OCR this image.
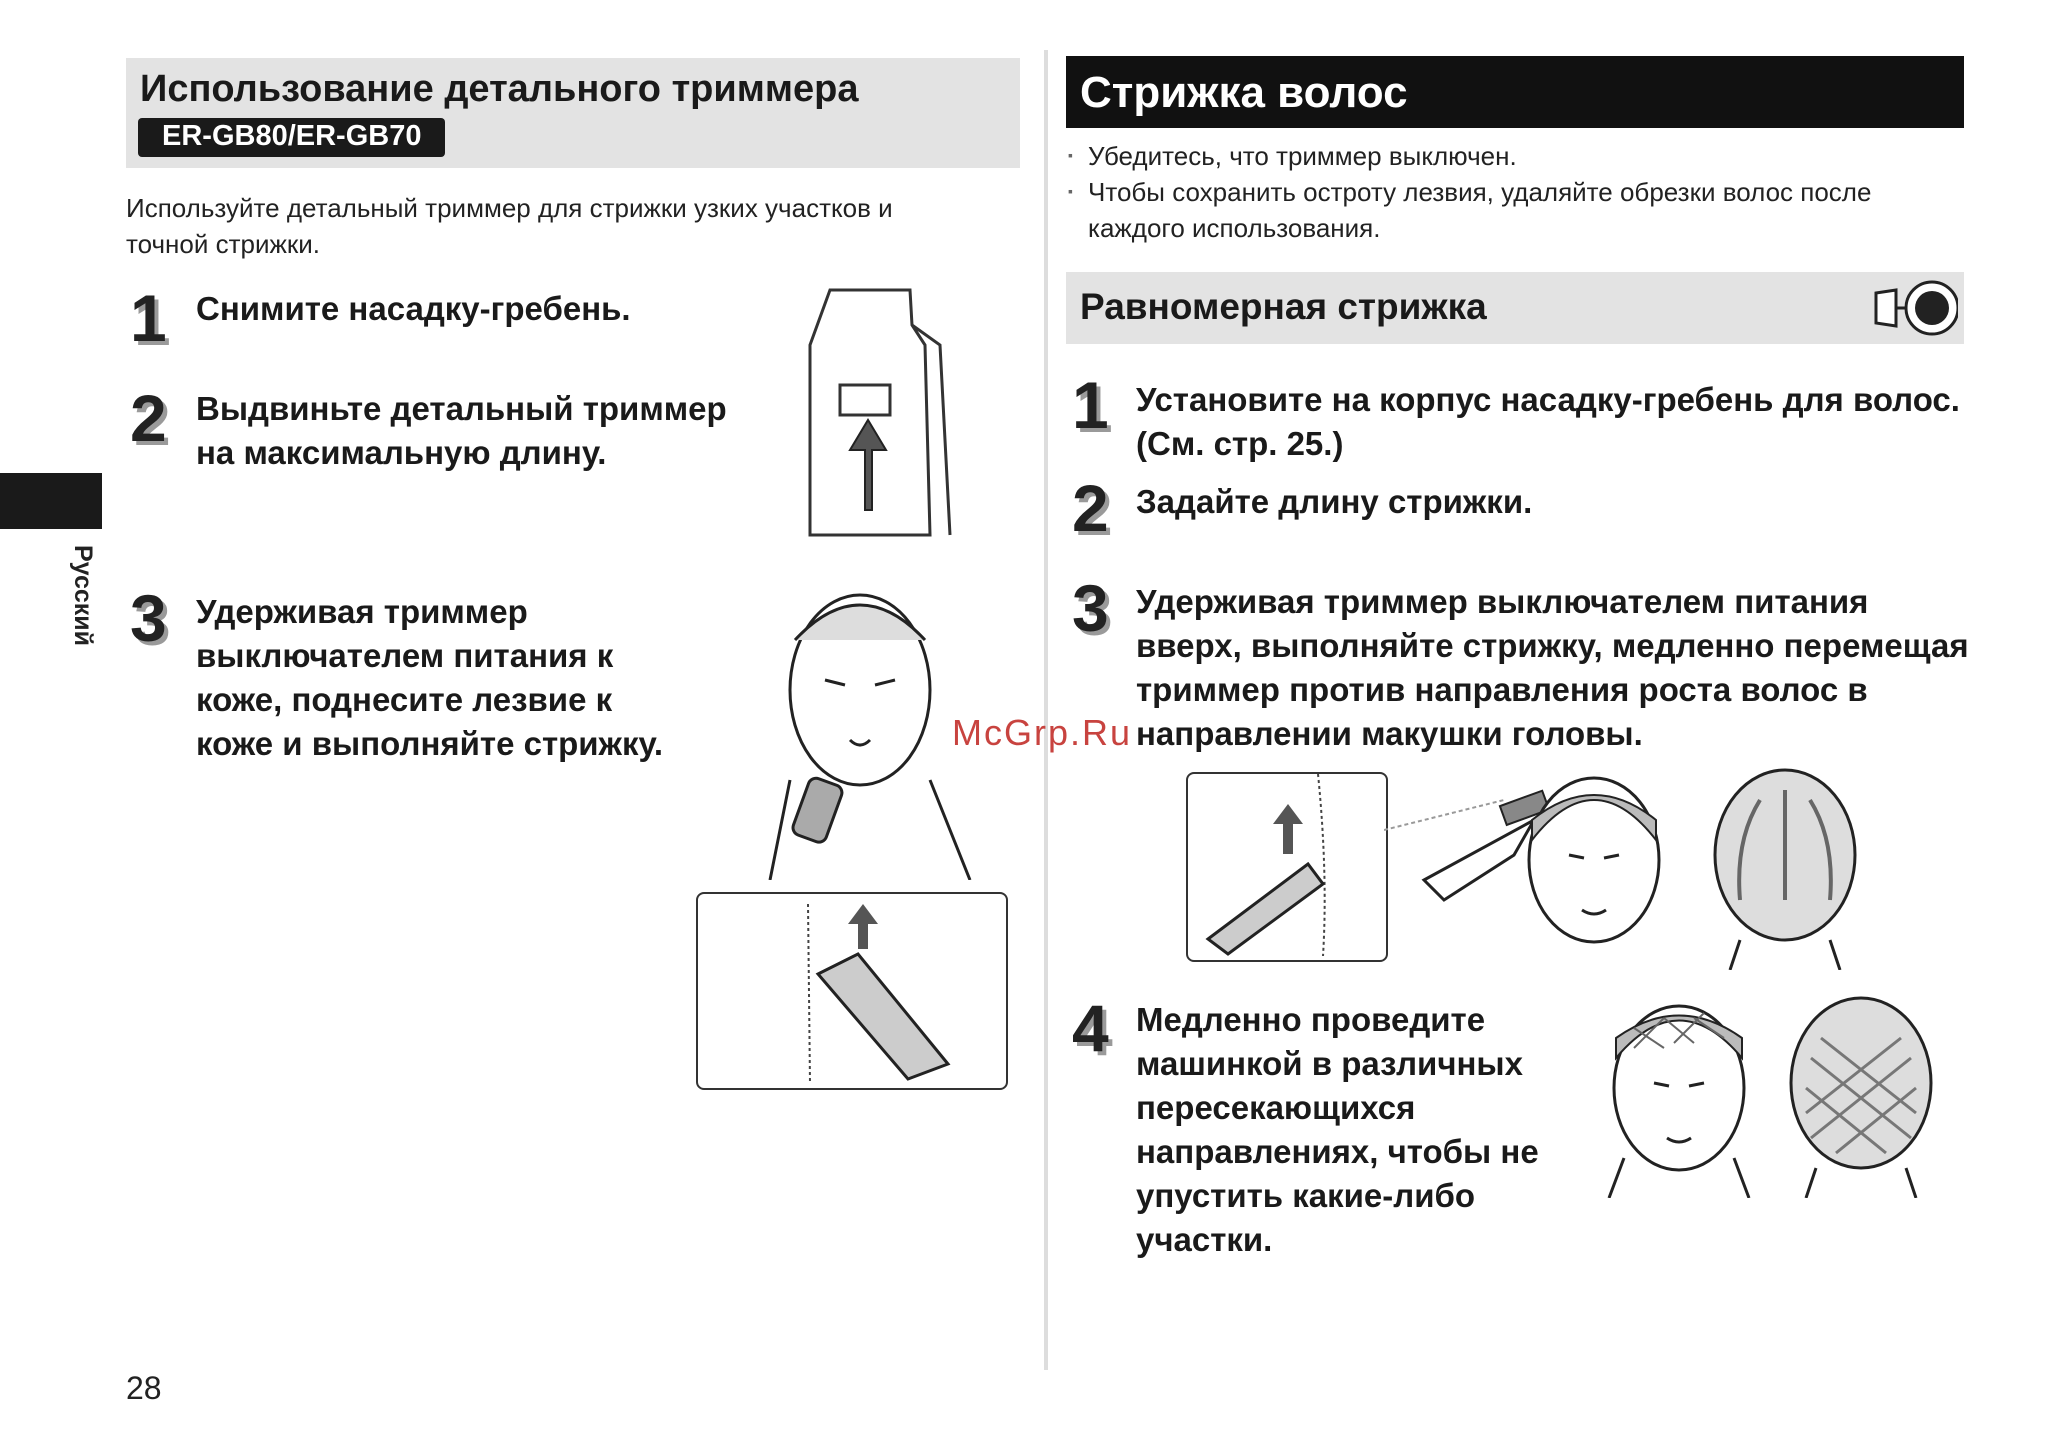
Русский
Использование детального триммера
ER-GB80/ER-GB70
Используйте детальный триммер для стрижки узких участков и точной стрижки.
1 Снимите насадку-гребень.
2 Выдвиньте детальный триммер на максимальную длину.
3 Удерживая триммер выключателем питания к коже, поднесите лезвие к коже и выполняйте стрижку.
Стрижка волос
▪ Убедитесь, что триммер выключен.
▪ Чтобы сохранить остроту лезвия, удаляйте обрезки волос после каждого использования.
Равномерная стрижка
1 Установите на корпус насадку-гребень для волос. (См. стр. 25.)
2 Задайте длину стрижки.
3 Удерживая триммер выключателем питания вверх, выполняйте стрижку, медленно перемещая триммер против направления роста волос в направлении макушки головы.
McGrp.Ru
4 Медленно проведите машинкой в различных пересекающихся направлениях, чтобы не упустить какие-либо участки.
28
